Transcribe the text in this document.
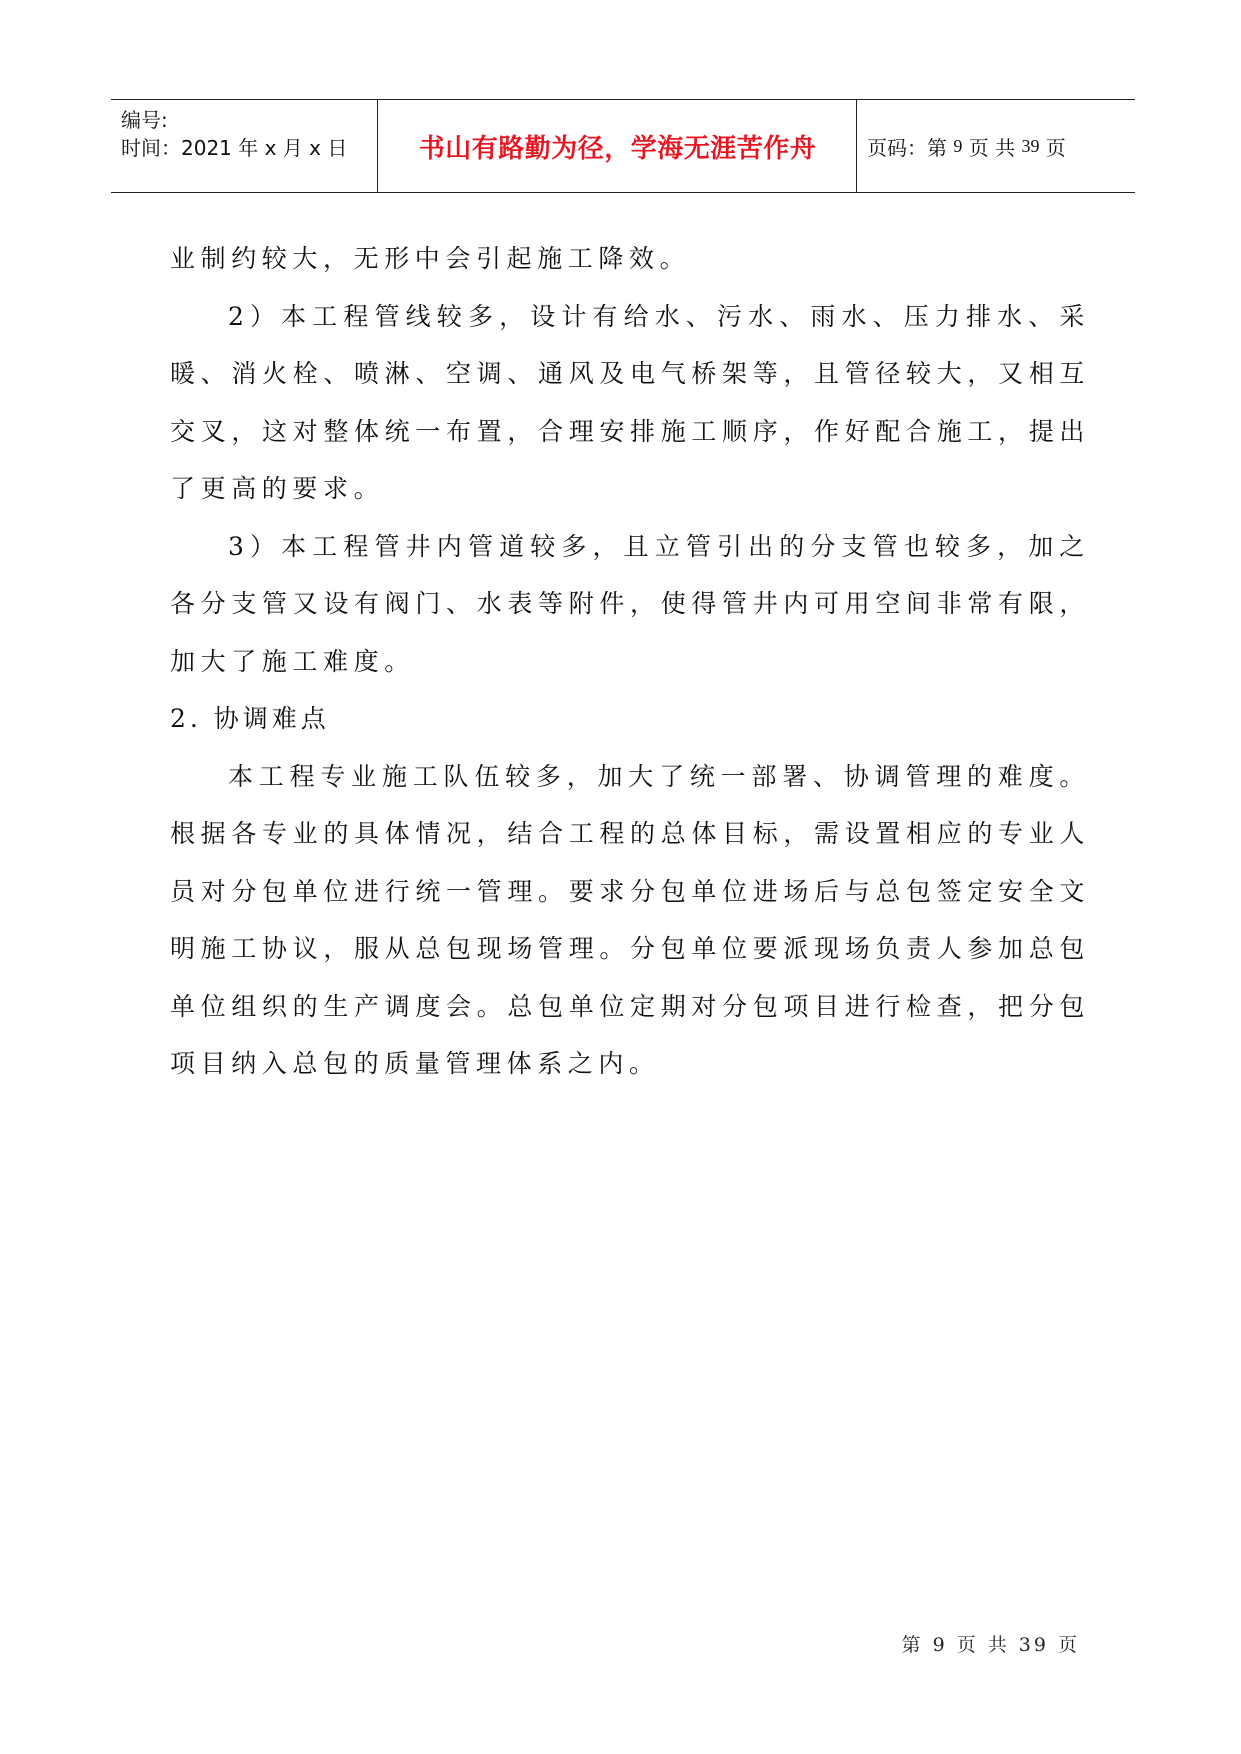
编号:
时间：2021 年 x 月 x 日	书山有路勤为径，学海无涯苦作舟	页码：第
9
页 共
39
页

业制约较大，无形中会引起施工降效。

2）本工程管线较多，设计有给水、污水、雨水、压力排水、采暖、消火栓、喷淋、空调、通风及电气桥架等，且管径较大，又相互交叉，这对整体统一布置，合理安排施工顺序，作好配合施工，提出了更高的要求。

3）本工程管井内管道较多，且立管引出的分支管也较多，加之各分支管又设有阀门、水表等附件，使得管井内可用空间非常有限，加大了施工难度。

2. 协调难点

本工程专业施工队伍较多，加大了统一部署、协调管理的难度。根据各专业的具体情况，结合工程的总体目标，需设置相应的专业人员对分包单位进行统一管理。要求分包单位进场后与总包签定安全文明施工协议，服从总包现场管理。分包单位要派现场负责人参加总包单位组织的生产调度会。总包单位定期对分包项目进行检查，把分包项目纳入总包的质量管理体系之内。

第 9 页 共 39 页
